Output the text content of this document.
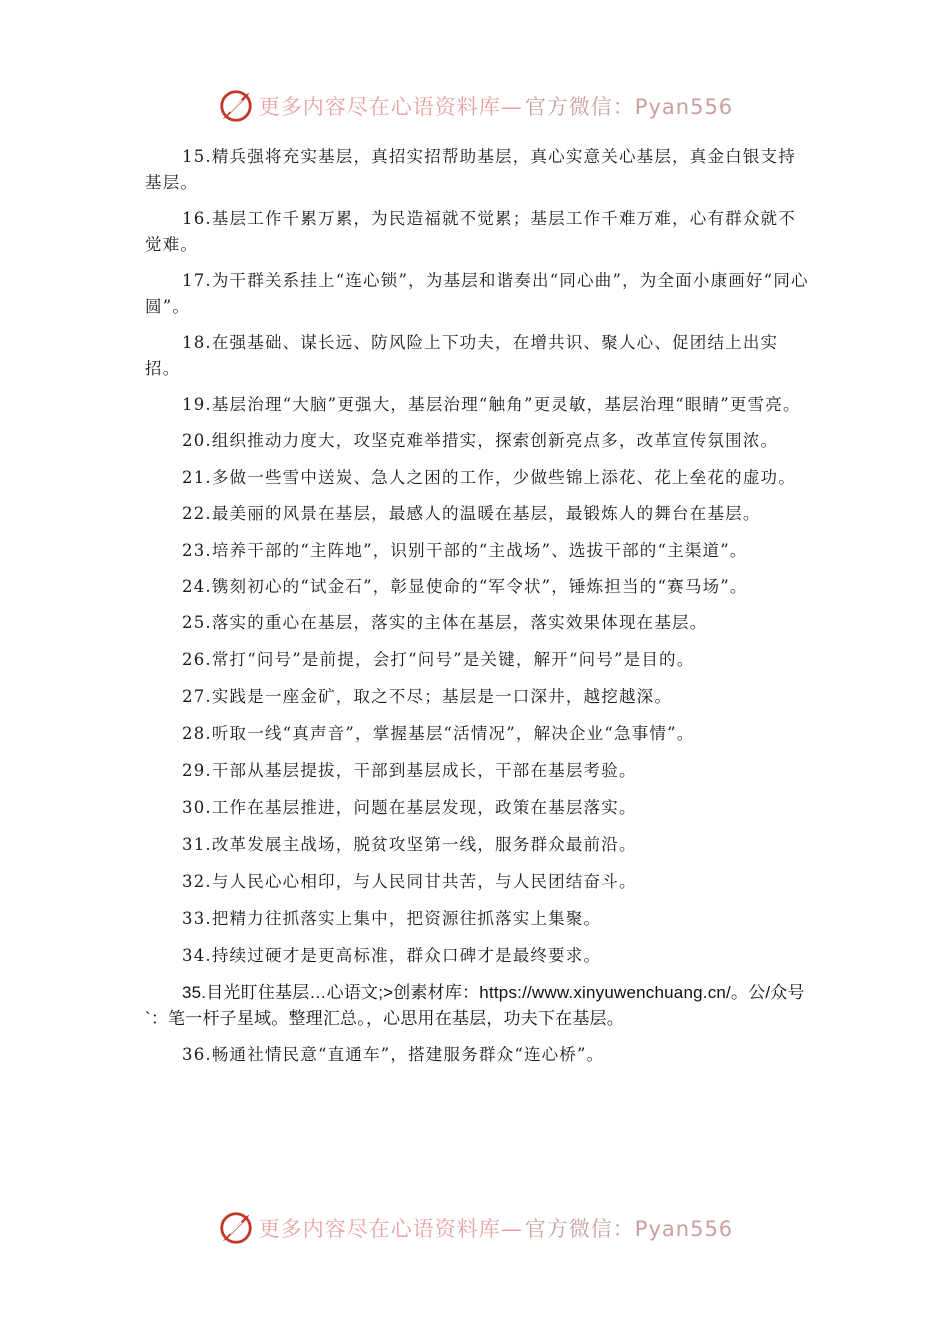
更多内容尽在心语资料库—官方微信：Pyan556

15.精兵强将充实基层，真招实招帮助基层，真心实意关心基层，真金白银支持基层。

16.基层工作千累万累，为民造福就不觉累；基层工作千难万难，心有群众就不觉难。

17.为干群关系挂上“连心锁”，为基层和谐奏出“同心曲”，为全面小康画好“同心圆”。

18.在强基础、谋长远、防风险上下功夫，在增共识、聚人心、促团结上出实招。

19.基层治理“大脑”更强大，基层治理“触角”更灵敏，基层治理“眼睛”更雪亮。

20.组织推动力度大，攻坚克难举措实，探索创新亮点多，改革宣传氛围浓。

21.多做一些雪中送炭、急人之困的工作，少做些锦上添花、花上垒花的虚功。

22.最美丽的风景在基层，最感人的温暖在基层，最锻炼人的舞台在基层。

23.培养干部的“主阵地”，识别干部的“主战场”、选拔干部的“主渠道”。

24.镌刻初心的“试金石”，彰显使命的“军令状”，锤炼担当的“赛马场”。

25.落实的重心在基层，落实的主体在基层，落实效果体现在基层。

26.常打“问号”是前提，会打“问号”是关键，解开“问号”是目的。

27.实践是一座金矿，取之不尽；基层是一口深井，越挖越深。

28.听取一线“真声音”，掌握基层“活情况”，解决企业“急事情”。

29.干部从基层提拔，干部到基层成长，干部在基层考验。

30.工作在基层推进，问题在基层发现，政策在基层落实。

31.改革发展主战场，脱贫攻坚第一线，服务群众最前沿。

32.与人民心心相印，与人民同甘共苦，与人民团结奋斗。

33.把精力往抓落实上集中，把资源往抓落实上集聚。

34.持续过硬才是更高标准，群众口碑才是最终要求。

35.目光盯住基层…心语文;>创素材库：https://www.xinyuwenchuang.cn/。公/众号`：笔一杆子星域。整理汇总。，心思用在基层，功夫下在基层。

36.畅通社情民意“直通车”，搭建服务群众“连心桥”。

更多内容尽在心语资料库—官方微信：Pyan556
